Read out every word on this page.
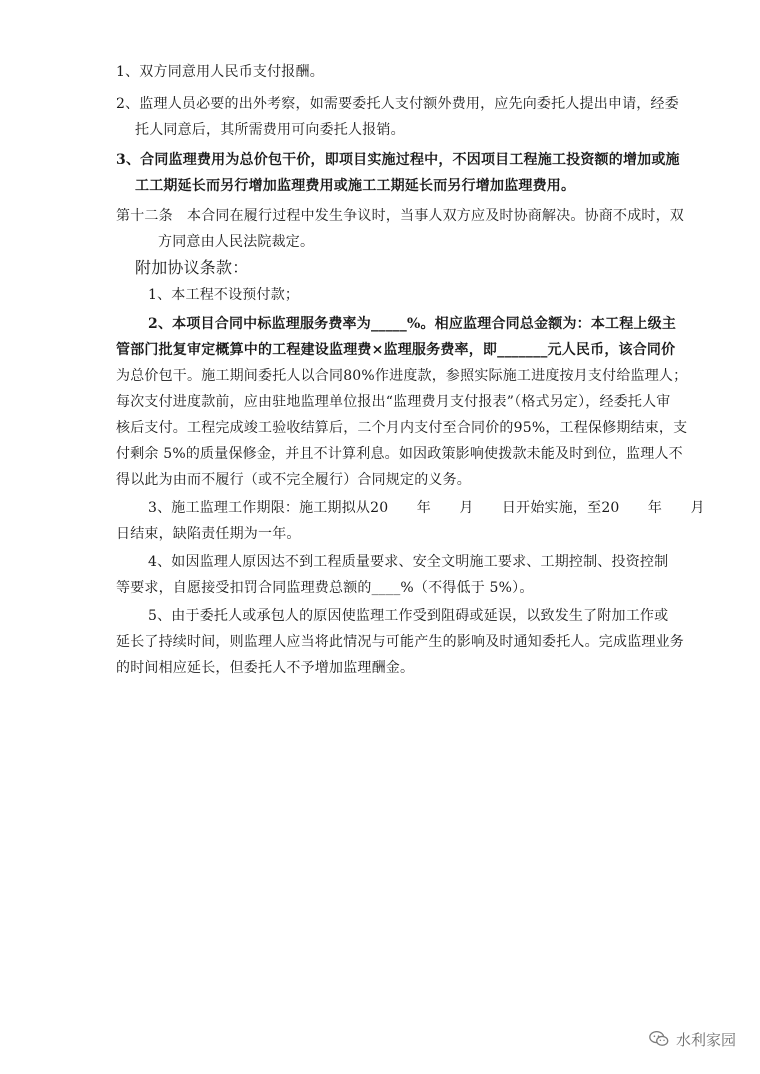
1、双方同意用人民币支付报酬。
2、监理人员必要的出外考察，如需要委托人支付额外费用，应先向委托人提出申请，经委
托人同意后，其所需费用可向委托人报销。
3、合同监理费用为总价包干价，即项目实施过程中，不因项目工程施工投资额的增加或施
工工期延长而另行增加监理费用或施工工期延长而另行增加监理费用。
第十二条　本合同在履行过程中发生争议时，当事人双方应及时协商解决。协商不成时，双
方同意由人民法院裁定。
附加协议条款：
1、本工程不设预付款；
2、本项目合同中标监理服务费率为_____%。相应监理合同总金额为：本工程上级主
管部门批复审定概算中的工程建设监理费×监理服务费率，即_______元人民币，该合同价
为总价包干。施工期间委托人以合同80%作进度款，参照实际施工进度按月支付给监理人；
每次支付进度款前，应由驻地监理单位报出“监理费月支付报表”（格式另定），经委托人审
核后支付。工程完成竣工验收结算后，二个月内支付至合同价的95%，工程保修期结束，支
付剩余 5%的质量保修金，并且不计算利息。如因政策影响使拨款未能及时到位，监理人不
得以此为由而不履行（或不完全履行）合同规定的义务。
3、施工监理工作期限：施工期拟从20　　年　　月　　日开始实施，至20　　年　　月
日结束，缺陷责任期为一年。
4、如因监理人原因达不到工程质量要求、安全文明施工要求、工期控制、投资控制
等要求，自愿接受扣罚合同监理费总额的____%（不得低于 5%）。
5、由于委托人或承包人的原因使监理工作受到阻碍或延误，以致发生了附加工作或
延长了持续时间，则监理人应当将此情况与可能产生的影响及时通知委托人。完成监理业务
的时间相应延长，但委托人不予增加监理酬金。
水利家园
